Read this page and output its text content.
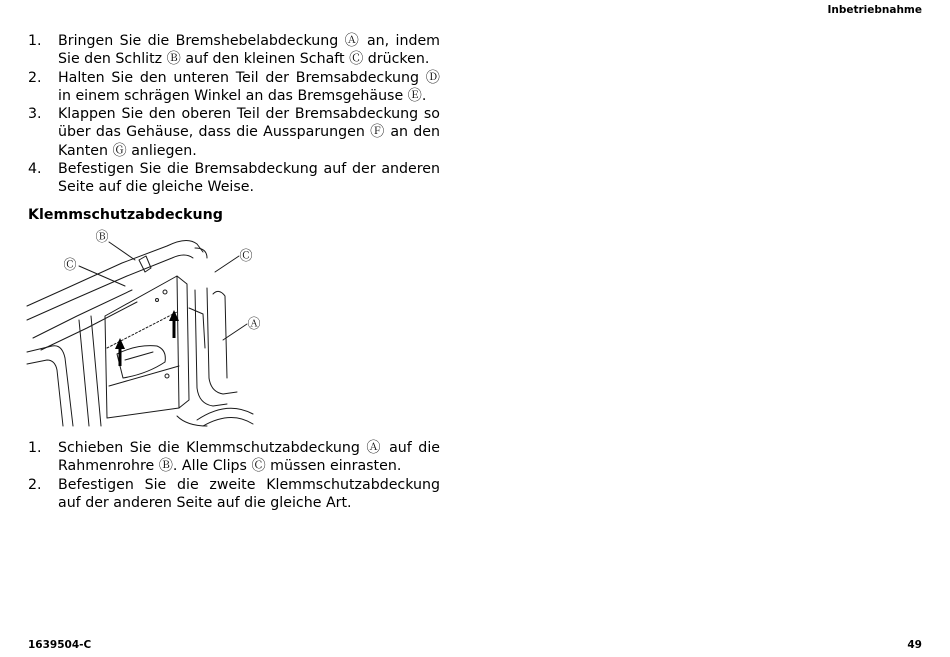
Inbetriebnahme
1. Bringen Sie die Bremshebelabdeckung Ⓐ an, indem Sie den Schlitz Ⓑ auf den kleinen Schaft Ⓒ drücken.
2. Halten Sie den unteren Teil der Bremsabdeckung Ⓓ in einem schrägen Winkel an das Bremsgehäuse Ⓔ.
3. Klappen Sie den oberen Teil der Bremsabdeckung so über das Gehäuse, dass die Aussparungen Ⓕ an den Kanten Ⓖ anliegen.
4. Befestigen Sie die Bremsabdeckung auf der anderen Seite auf die gleiche Weise.
Klemmschutzabdeckung
Ⓑ
Ⓒ
Ⓒ
Ⓐ
1. Schieben Sie die Klemmschutzabdeckung Ⓐ auf die Rahmenrohre Ⓑ. Alle Clips Ⓒ müssen einrasten.
2. Befestigen Sie die zweite Klemmschutzabdeckung auf der anderen Seite auf die gleiche Art.
1639504-C	49
